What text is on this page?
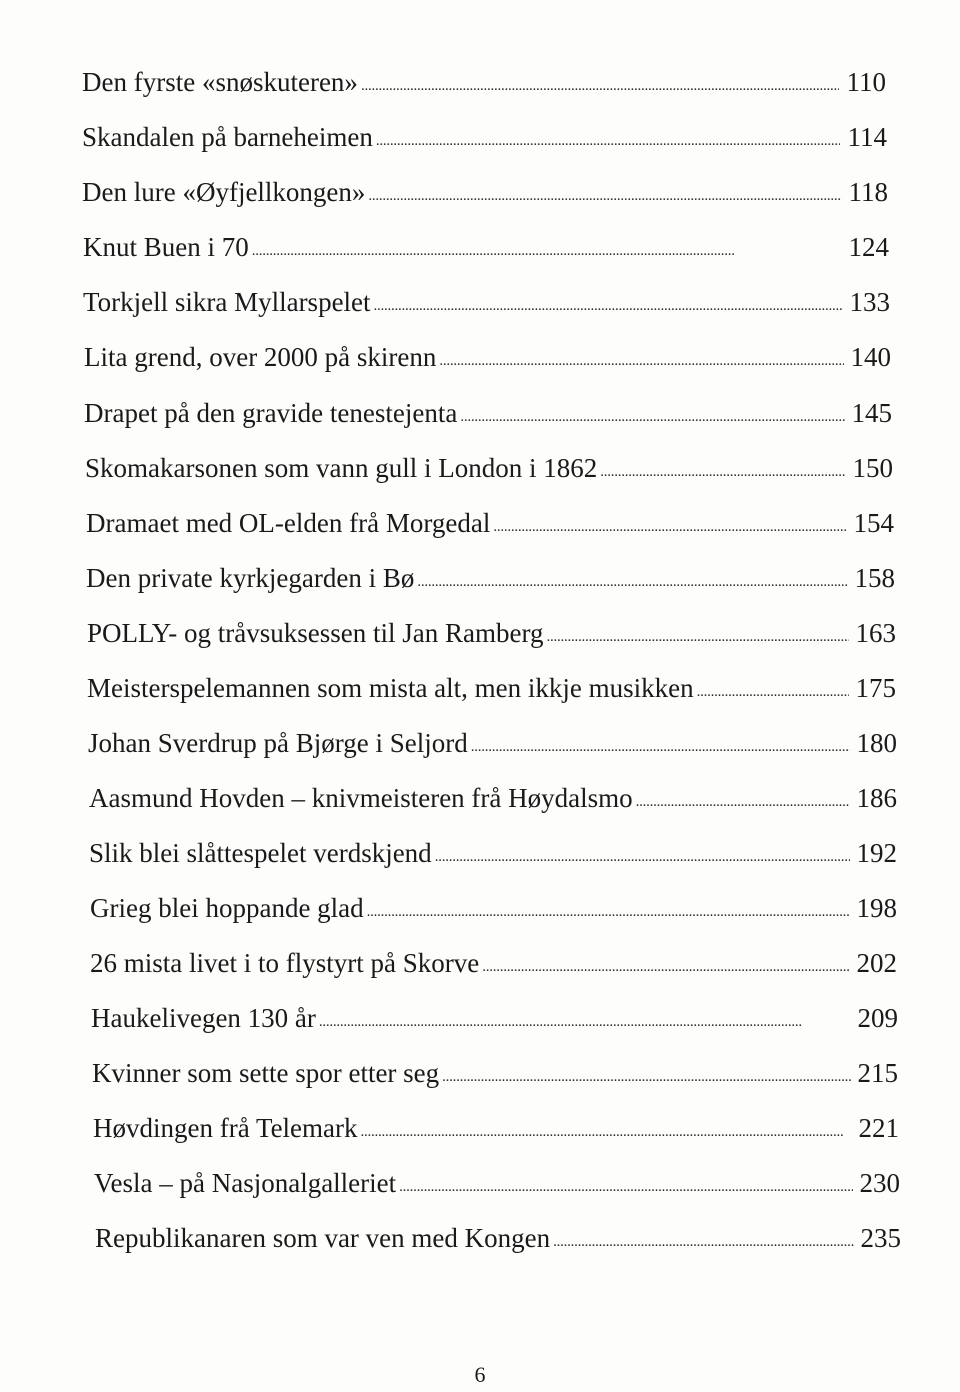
Den fyrste «snøskuteren» . . .	110
Skandalen på barneheimen . . .	114
Den lure «Øyfjellkongen» . . .	118
Knut Buen i 70 . . .	124
Torkjell sikra Myllarspelet . . .	133
Lita grend, over 2000 på skirenn . . .	140
Drapet på den gravide tenestejenta . . .	145
Skomakarsonen som vann gull i London i 1862 . . .	150
Dramaet med OL-elden frå Morgedal . . .	154
Den private kyrkjegarden i Bø . . .	158
POLLY- og tråvsuksessen til Jan Ramberg . . .	163
Meisterspelemannen som mista alt, men ikkje musikken . . .	175
Johan Sverdrup på Bjørge i Seljord . . .	180
Aasmund Hovden – knivmeisteren frå Høydalsmo . . .	186
Slik blei slåttespelet verdskjend . . .	192
Grieg blei hoppande glad . . .	198
26 mista livet i to flystyrt på Skorve . . .	202
Haukelivegen 130 år . . .	209
Kvinner som sette spor etter seg . . .	215
Høvdingen frå Telemark . . .	221
Vesla – på Nasjonalgalleriet . . .	230
Republikanaren som var ven med Kongen . . .	235
6
